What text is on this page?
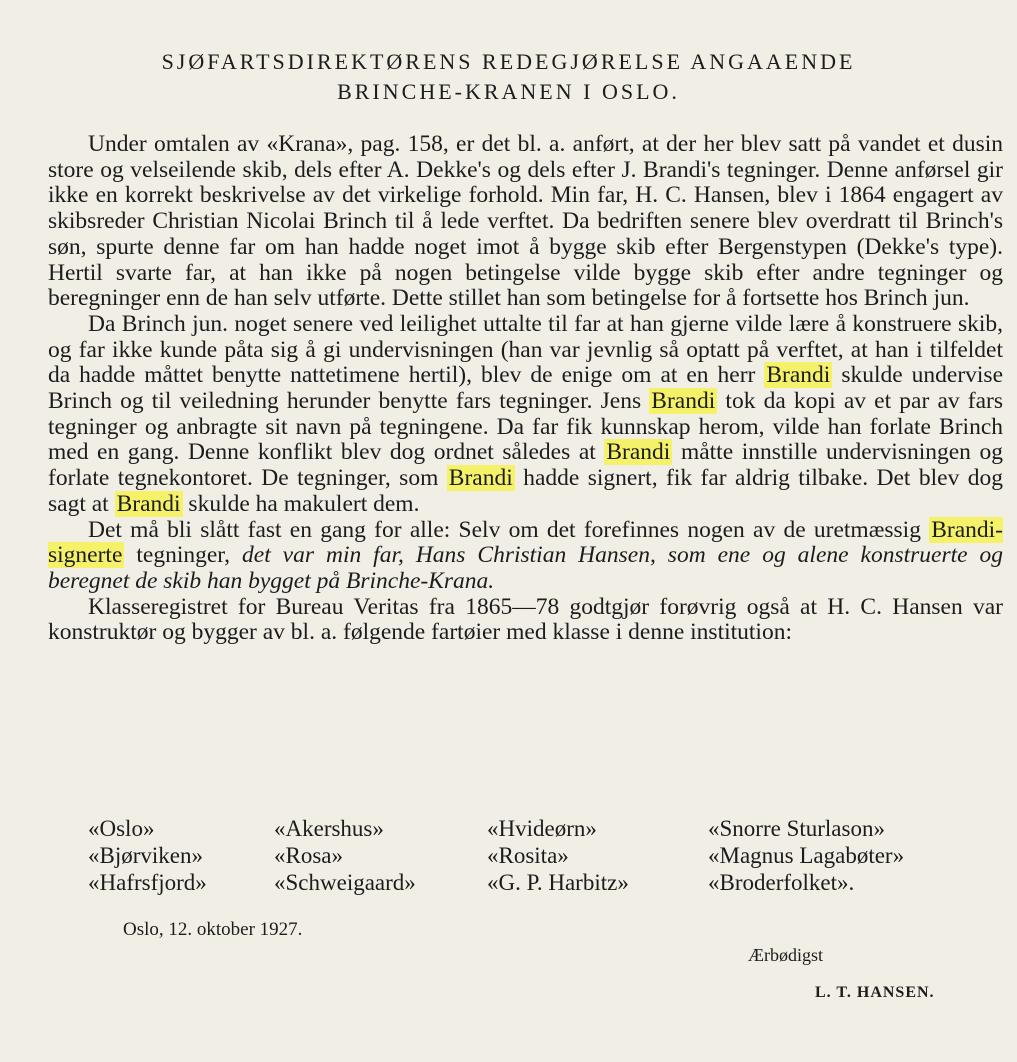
SJØFARTSDIREKTØRENS REDEGJØRELSE ANGAAENDE
BRINCHE-KRANEN I OSLO.

Under omtalen av «Krana», pag. 158, er det bl. a. anført, at der her blev satt på vandet et dusin store og velseilende skib, dels efter A. Dekke's og dels efter J. Brandi's tegninger. Denne anførsel gir ikke en korrekt beskrivelse av det virkelige forhold. Min far, H. C. Hansen, blev i 1864 engagert av skibsreder Christian Nicolai Brinch til å lede verftet. Da bedriften senere blev overdratt til Brinch's søn, spurte denne far om han hadde noget imot å bygge skib efter Bergenstypen (Dekke's type). Hertil svarte far, at han ikke på nogen betingelse vilde bygge skib efter andre tegninger og beregninger enn de han selv utførte. Dette stillet han som betingelse for å fortsette hos Brinch jun.

Da Brinch jun. noget senere ved leilighet uttalte til far at han gjerne vilde lære å konstruere skib, og far ikke kunde påta sig å gi undervisningen (han var jevnlig så optatt på verftet, at han i tilfeldet da hadde måttet benytte nattetimene hertil), blev de enige om at en herr Brandi skulde undervise Brinch og til veiledning herunder benytte fars tegninger. Jens Brandi tok da kopi av et par av fars tegninger og anbragte sit navn på tegningene. Da far fik kunnskap herom, vilde han forlate Brinch med en gang. Denne konflikt blev dog ordnet således at Brandi måtte innstille undervisningen og forlate tegnekontoret. De tegninger, som Brandi hadde signert, fik far aldrig tilbake. Det blev dog sagt at Brandi skulde ha makulert dem.

Det må bli slått fast en gang for alle: Selv om det forefinnes nogen av de uretmæssig Brandi-signerte tegninger, det var min far, Hans Christian Hansen, som ene og alene konstruerte og beregnet de skib han bygget på Brinche-Krana.

Klasseregistret for Bureau Veritas fra 1865—78 godtgjør forøvrig også at H. C. Hansen var konstruktør og bygger av bl. a. følgende fartøier med klasse i denne institution:

«Oslo»	«Akershus»	«Hvideørn»	«Snorre Sturlason»
«Bjørviken»	«Rosa»	«Rosita»	«Magnus Lagabøter»
«Hafrsfjord»	«Schweigaard»	«G. P. Harbitz»	«Broderfolket».
Oslo, 12. oktober 1927.
Ærbødigst
L. T. HANSEN.
